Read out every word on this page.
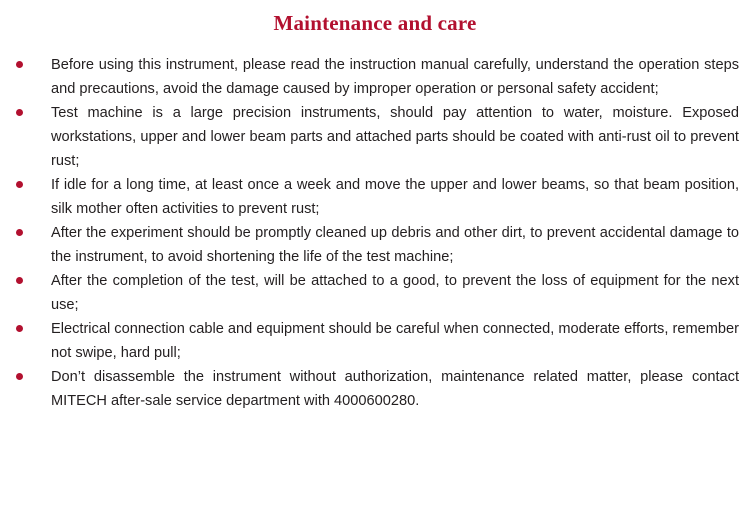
Maintenance and care
Before using this instrument, please read the instruction manual carefully, understand the operation steps and precautions, avoid the damage caused by improper operation or personal safety accident;
Test machine is a large precision instruments, should pay attention to water, moisture. Exposed workstations, upper and lower beam parts and attached parts should be coated with anti-rust oil to prevent rust;
If idle for a long time, at least once a week and move the upper and lower beams, so that beam position, silk mother often activities to prevent rust;
After the experiment should be promptly cleaned up debris and other dirt, to prevent accidental damage to the instrument, to avoid shortening the life of the test machine;
After the completion of the test, will be attached to a good, to prevent the loss of equipment for the next use;
Electrical connection cable and equipment should be careful when connected, moderate efforts, remember not swipe, hard pull;
Don’t disassemble the instrument without authorization, maintenance related matter, please contact MITECH after-sale service department with 4000600280.
